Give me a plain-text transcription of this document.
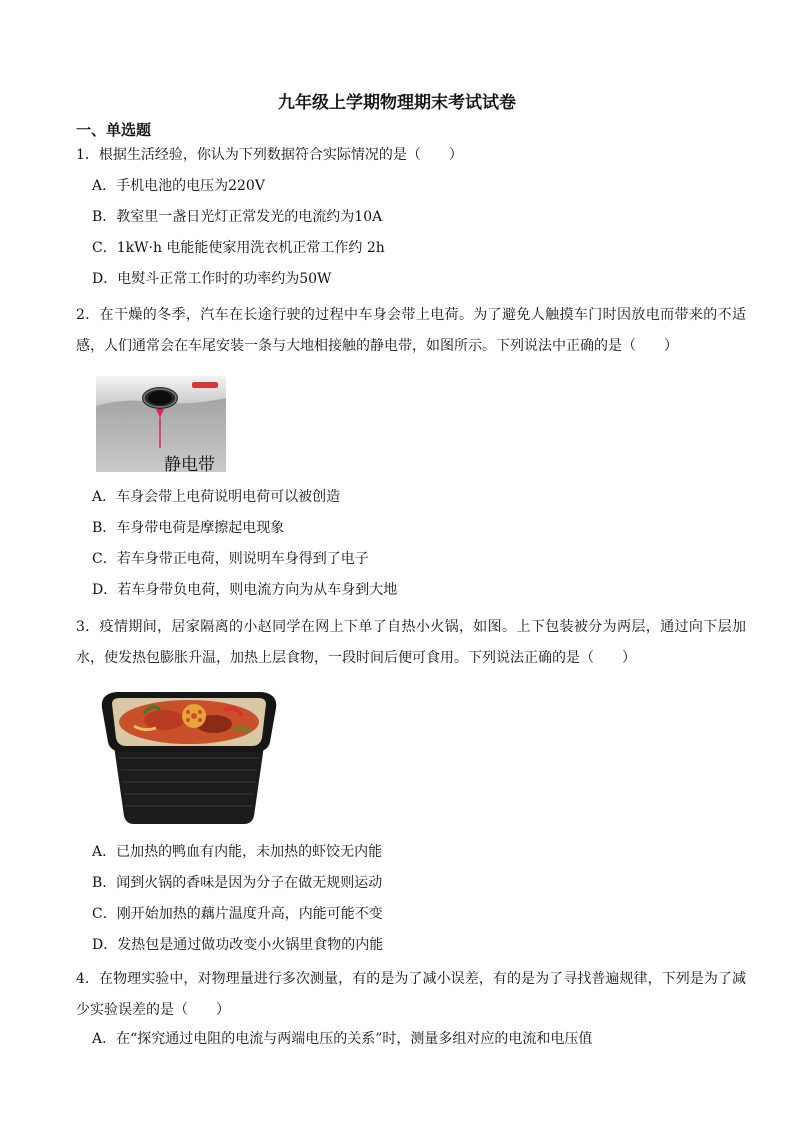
九年级上学期物理期末考试试卷
一、单选题
1．根据生活经验，你认为下列数据符合实际情况的是（　　）
A．手机电池的电压为220V
B．教室里一盏日光灯正常发光的电流约为10A
C．1kW·h 电能能使家用洗衣机正常工作约 2h
D．电熨斗正常工作时的功率约为50W
2．在干燥的冬季，汽车在长途行驶的过程中车身会带上电荷。为了避免人触摸车门时因放电而带来的不适感，人们通常会在车尾安装一条与大地相接触的静电带，如图所示。下列说法中正确的是（　　）
静电带
A．车身会带上电荷说明电荷可以被创造
B．车身带电荷是摩擦起电现象
C．若车身带正电荷，则说明车身得到了电子
D．若车身带负电荷，则电流方向为从车身到大地
3．疫情期间，居家隔离的小赵同学在网上下单了自热小火锅，如图。上下包装被分为两层，通过向下层加水，使发热包膨胀升温，加热上层食物，一段时间后便可食用。下列说法正确的是（　　）
A．已加热的鸭血有内能，未加热的虾饺无内能
B．闻到火锅的香味是因为分子在做无规则运动
C．刚开始加热的藕片温度升高，内能可能不变
D．发热包是通过做功改变小火锅里食物的内能
4．在物理实验中，对物理量进行多次测量，有的是为了减小误差，有的是为了寻找普遍规律，下列是为了减少实验误差的是（　　）
A．在“探究通过电阻的电流与两端电压的关系”时，测量多组对应的电流和电压值
